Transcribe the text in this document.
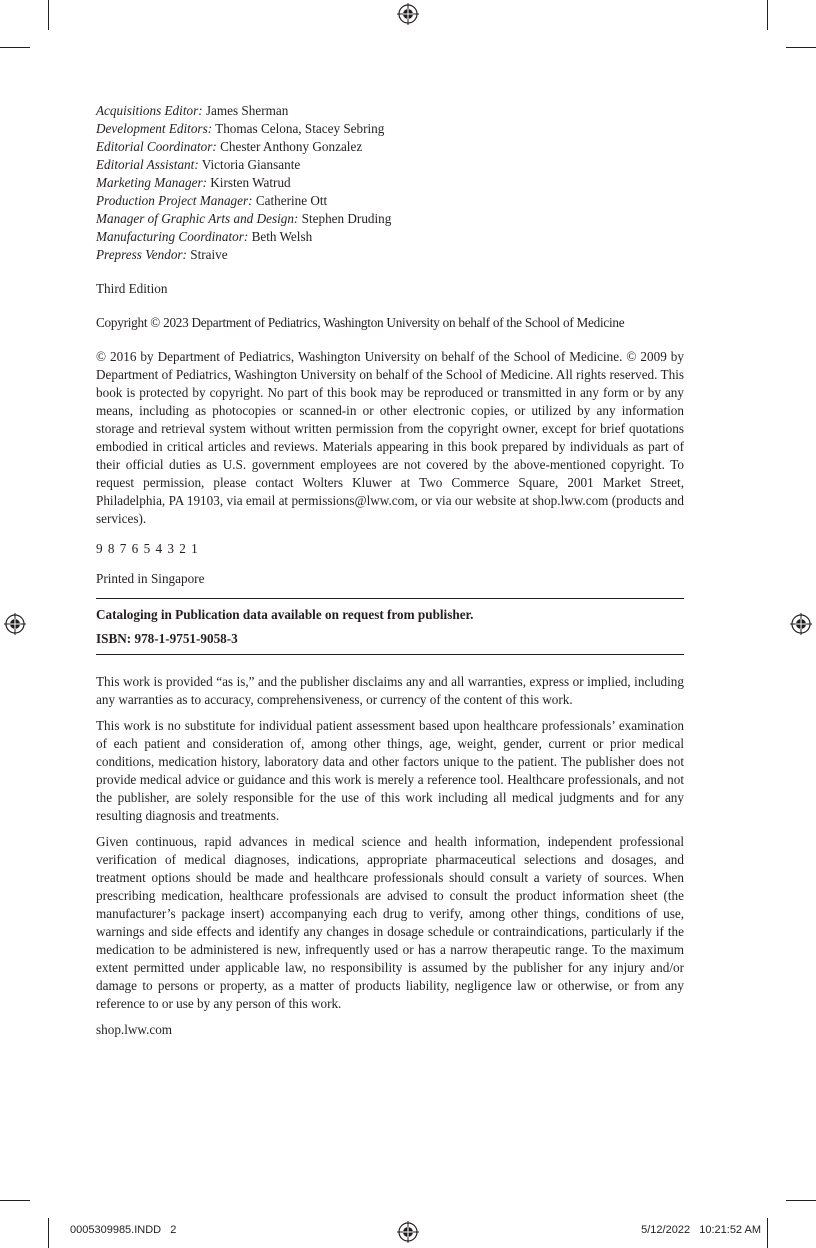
Acquisitions Editor: James Sherman
Development Editors: Thomas Celona, Stacey Sebring
Editorial Coordinator: Chester Anthony Gonzalez
Editorial Assistant: Victoria Giansante
Marketing Manager: Kirsten Watrud
Production Project Manager: Catherine Ott
Manager of Graphic Arts and Design: Stephen Druding
Manufacturing Coordinator: Beth Welsh
Prepress Vendor: Straive

Third Edition

Copyright © 2023 Department of Pediatrics, Washington University on behalf of the School of Medicine

© 2016 by Department of Pediatrics, Washington University on behalf of the School of Medicine. © 2009 by Department of Pediatrics, Washington University on behalf of the School of Medicine. All rights reserved. This book is protected by copyright. No part of this book may be reproduced or transmitted in any form or by any means, including as photocopies or scanned-in or other electronic copies, or utilized by any information storage and retrieval system without written permission from the copyright owner, except for brief quotations embodied in critical articles and reviews. Materials appearing in this book prepared by individuals as part of their official duties as U.S. government employees are not covered by the above-mentioned copyright. To request permission, please contact Wolters Kluwer at Two Commerce Square, 2001 Market Street, Philadelphia, PA 19103, via email at permissions@lww.com, or via our website at shop.lww.com (products and services).

9 8 7 6 5 4 3 2 1

Printed in Singapore

Cataloging in Publication data available on request from publisher.

ISBN: 978-1-9751-9058-3

This work is provided “as is,” and the publisher disclaims any and all warranties, express or implied, including any warranties as to accuracy, comprehensiveness, or currency of the content of this work.

This work is no substitute for individual patient assessment based upon healthcare professionals’ examination of each patient and consideration of, among other things, age, weight, gender, current or prior medical conditions, medication history, laboratory data and other factors unique to the patient. The publisher does not provide medical advice or guidance and this work is merely a reference tool. Healthcare professionals, and not the publisher, are solely responsible for the use of this work including all medical judgments and for any resulting diagnosis and treatments.

Given continuous, rapid advances in medical science and health information, independent professional verification of medical diagnoses, indications, appropriate pharmaceutical selections and dosages, and treatment options should be made and healthcare professionals should consult a variety of sources. When prescribing medication, healthcare professionals are advised to consult the product information sheet (the manufacturer’s package insert) accompanying each drug to verify, among other things, conditions of use, warnings and side effects and identify any changes in dosage schedule or contraindications, particularly if the medication to be administered is new, infrequently used or has a narrow therapeutic range. To the maximum extent permitted under applicable law, no responsibility is assumed by the publisher for any injury and/or damage to persons or property, as a matter of products liability, negligence law or otherwise, or from any reference to or use by any person of this work.

shop.lww.com

0005309985.INDD   2	5/12/2022   10:21:52 AM
